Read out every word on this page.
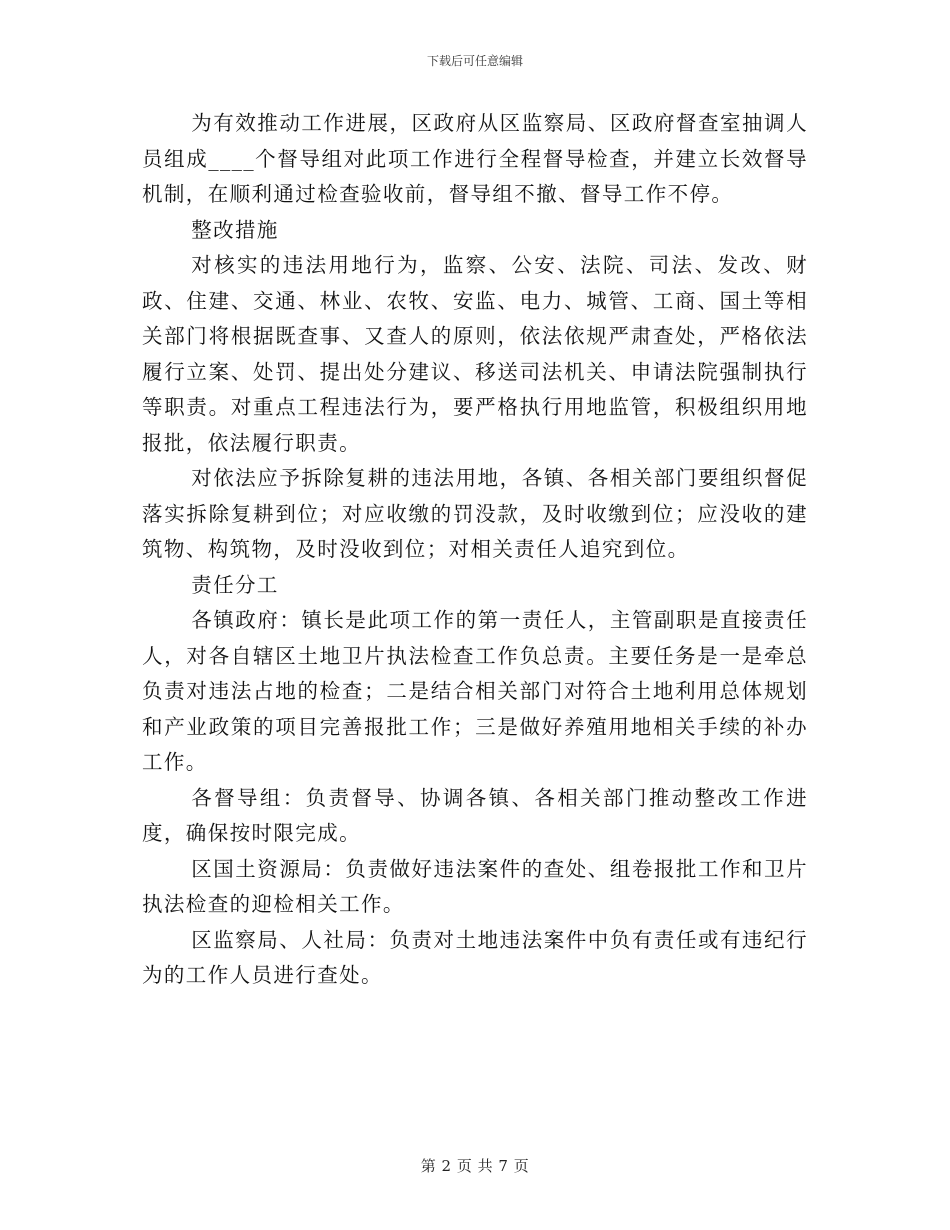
下载后可任意编辑

为有效推动工作进展，区政府从区监察局、区政府督查室抽调人员组成____个督导组对此项工作进行全程督导检查，并建立长效督导机制，在顺利通过检查验收前，督导组不撤、督导工作不停。

整改措施

对核实的违法用地行为，监察、公安、法院、司法、发改、财政、住建、交通、林业、农牧、安监、电力、城管、工商、国土等相关部门将根据既查事、又查人的原则，依法依规严肃查处，严格依法履行立案、处罚、提出处分建议、移送司法机关、申请法院强制执行等职责。对重点工程违法行为，要严格执行用地监管，积极组织用地报批，依法履行职责。

对依法应予拆除复耕的违法用地，各镇、各相关部门要组织督促落实拆除复耕到位；对应收缴的罚没款，及时收缴到位；应没收的建筑物、构筑物，及时没收到位；对相关责任人追究到位。

责任分工

各镇政府：镇长是此项工作的第一责任人，主管副职是直接责任人，对各自辖区土地卫片执法检查工作负总责。主要任务是一是牵总负责对违法占地的检查；二是结合相关部门对符合土地利用总体规划和产业政策的项目完善报批工作；三是做好养殖用地相关手续的补办工作。

各督导组：负责督导、协调各镇、各相关部门推动整改工作进度，确保按时限完成。

区国土资源局：负责做好违法案件的查处、组卷报批工作和卫片执法检查的迎检相关工作。

区监察局、人社局：负责对土地违法案件中负有责任或有违纪行为的工作人员进行查处。

第 2 页 共 7 页
